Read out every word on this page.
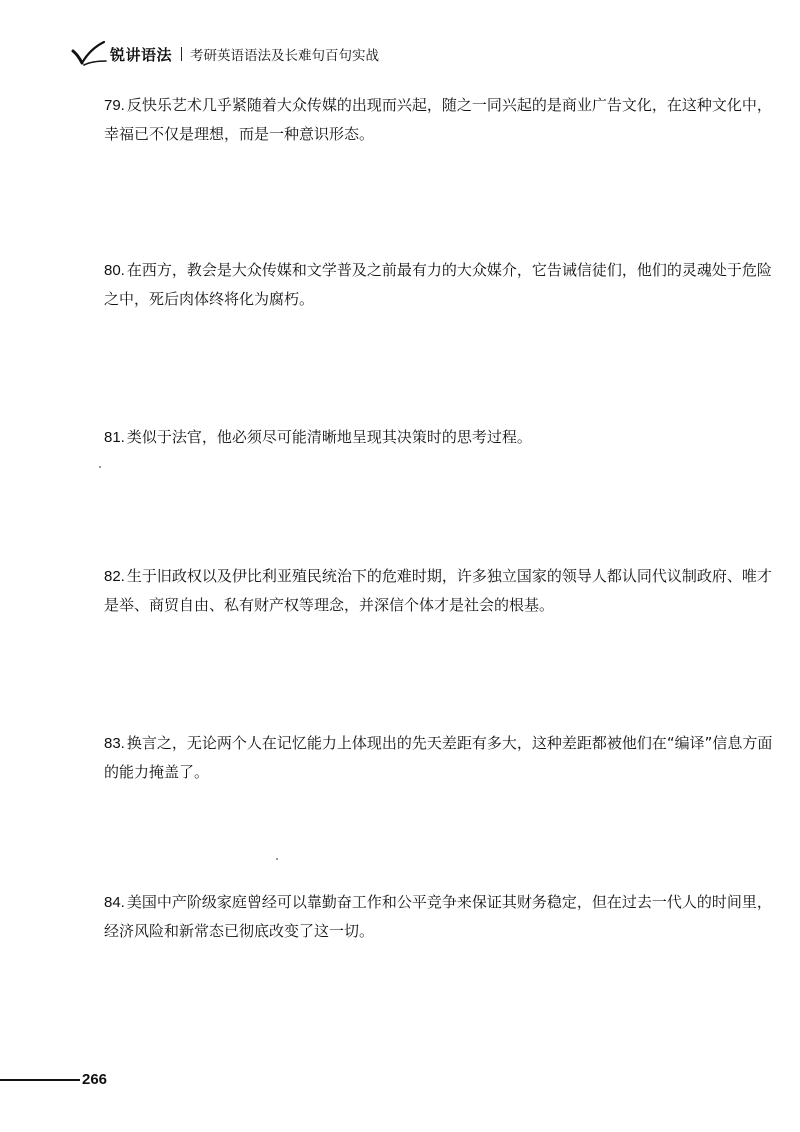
锐讲语法 考研英语语法及长难句百句实战

79. 反快乐艺术几乎紧随着大众传媒的出现而兴起，随之一同兴起的是商业广告文化，在这种文化中，幸福已不仅是理想，而是一种意识形态。

80. 在西方，教会是大众传媒和文学普及之前最有力的大众媒介，它告诫信徒们，他们的灵魂处于危险之中，死后肉体终将化为腐朽。

81. 类似于法官，他必须尽可能清晰地呈现其决策时的思考过程。

82. 生于旧政权以及伊比利亚殖民统治下的危难时期，许多独立国家的领导人都认同代议制政府、唯才是举、商贸自由、私有财产权等理念，并深信个体才是社会的根基。

83. 换言之，无论两个人在记忆能力上体现出的先天差距有多大，这种差距都被他们在“编译”信息方面的能力掩盖了。

84. 美国中产阶级家庭曾经可以靠勤奋工作和公平竞争来保证其财务稳定，但在过去一代人的时间里，经济风险和新常态已彻底改变了这一切。

266
